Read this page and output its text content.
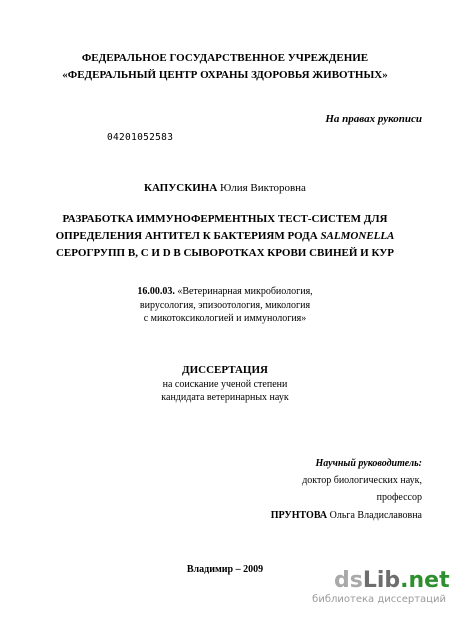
ФЕДЕРАЛЬНОЕ ГОСУДАРСТВЕННОЕ УЧРЕЖДЕНИЕ
«ФЕДЕРАЛЬНЫЙ ЦЕНТР ОХРАНЫ ЗДОРОВЬЯ ЖИВОТНЫХ»
На правах рукописи
04201052583
КАПУСКИНА Юлия Викторовна
РАЗРАБОТКА ИММУНОФЕРМЕНТНЫХ ТЕСТ-СИСТЕМ ДЛЯ
ОПРЕДЕЛЕНИЯ АНТИТЕЛ К БАКТЕРИЯМ РОДА SALMONELLA
СЕРОГРУПП В, С И D В СЫВОРОТКАХ КРОВИ СВИНЕЙ И КУР
16.00.03. «Ветеринарная микробиология,
вирусология, эпизоотология, микология
с микотоксикологией и иммунология»
ДИССЕРТАЦИЯ
на соискание ученой степени
кандидата ветеринарных наук
Научный руководитель:
доктор биологических наук,
профессор
ПРУНТОВА Ольга Владиславовна
Владимир – 2009	dsLib.net
библиотека диссертаций
